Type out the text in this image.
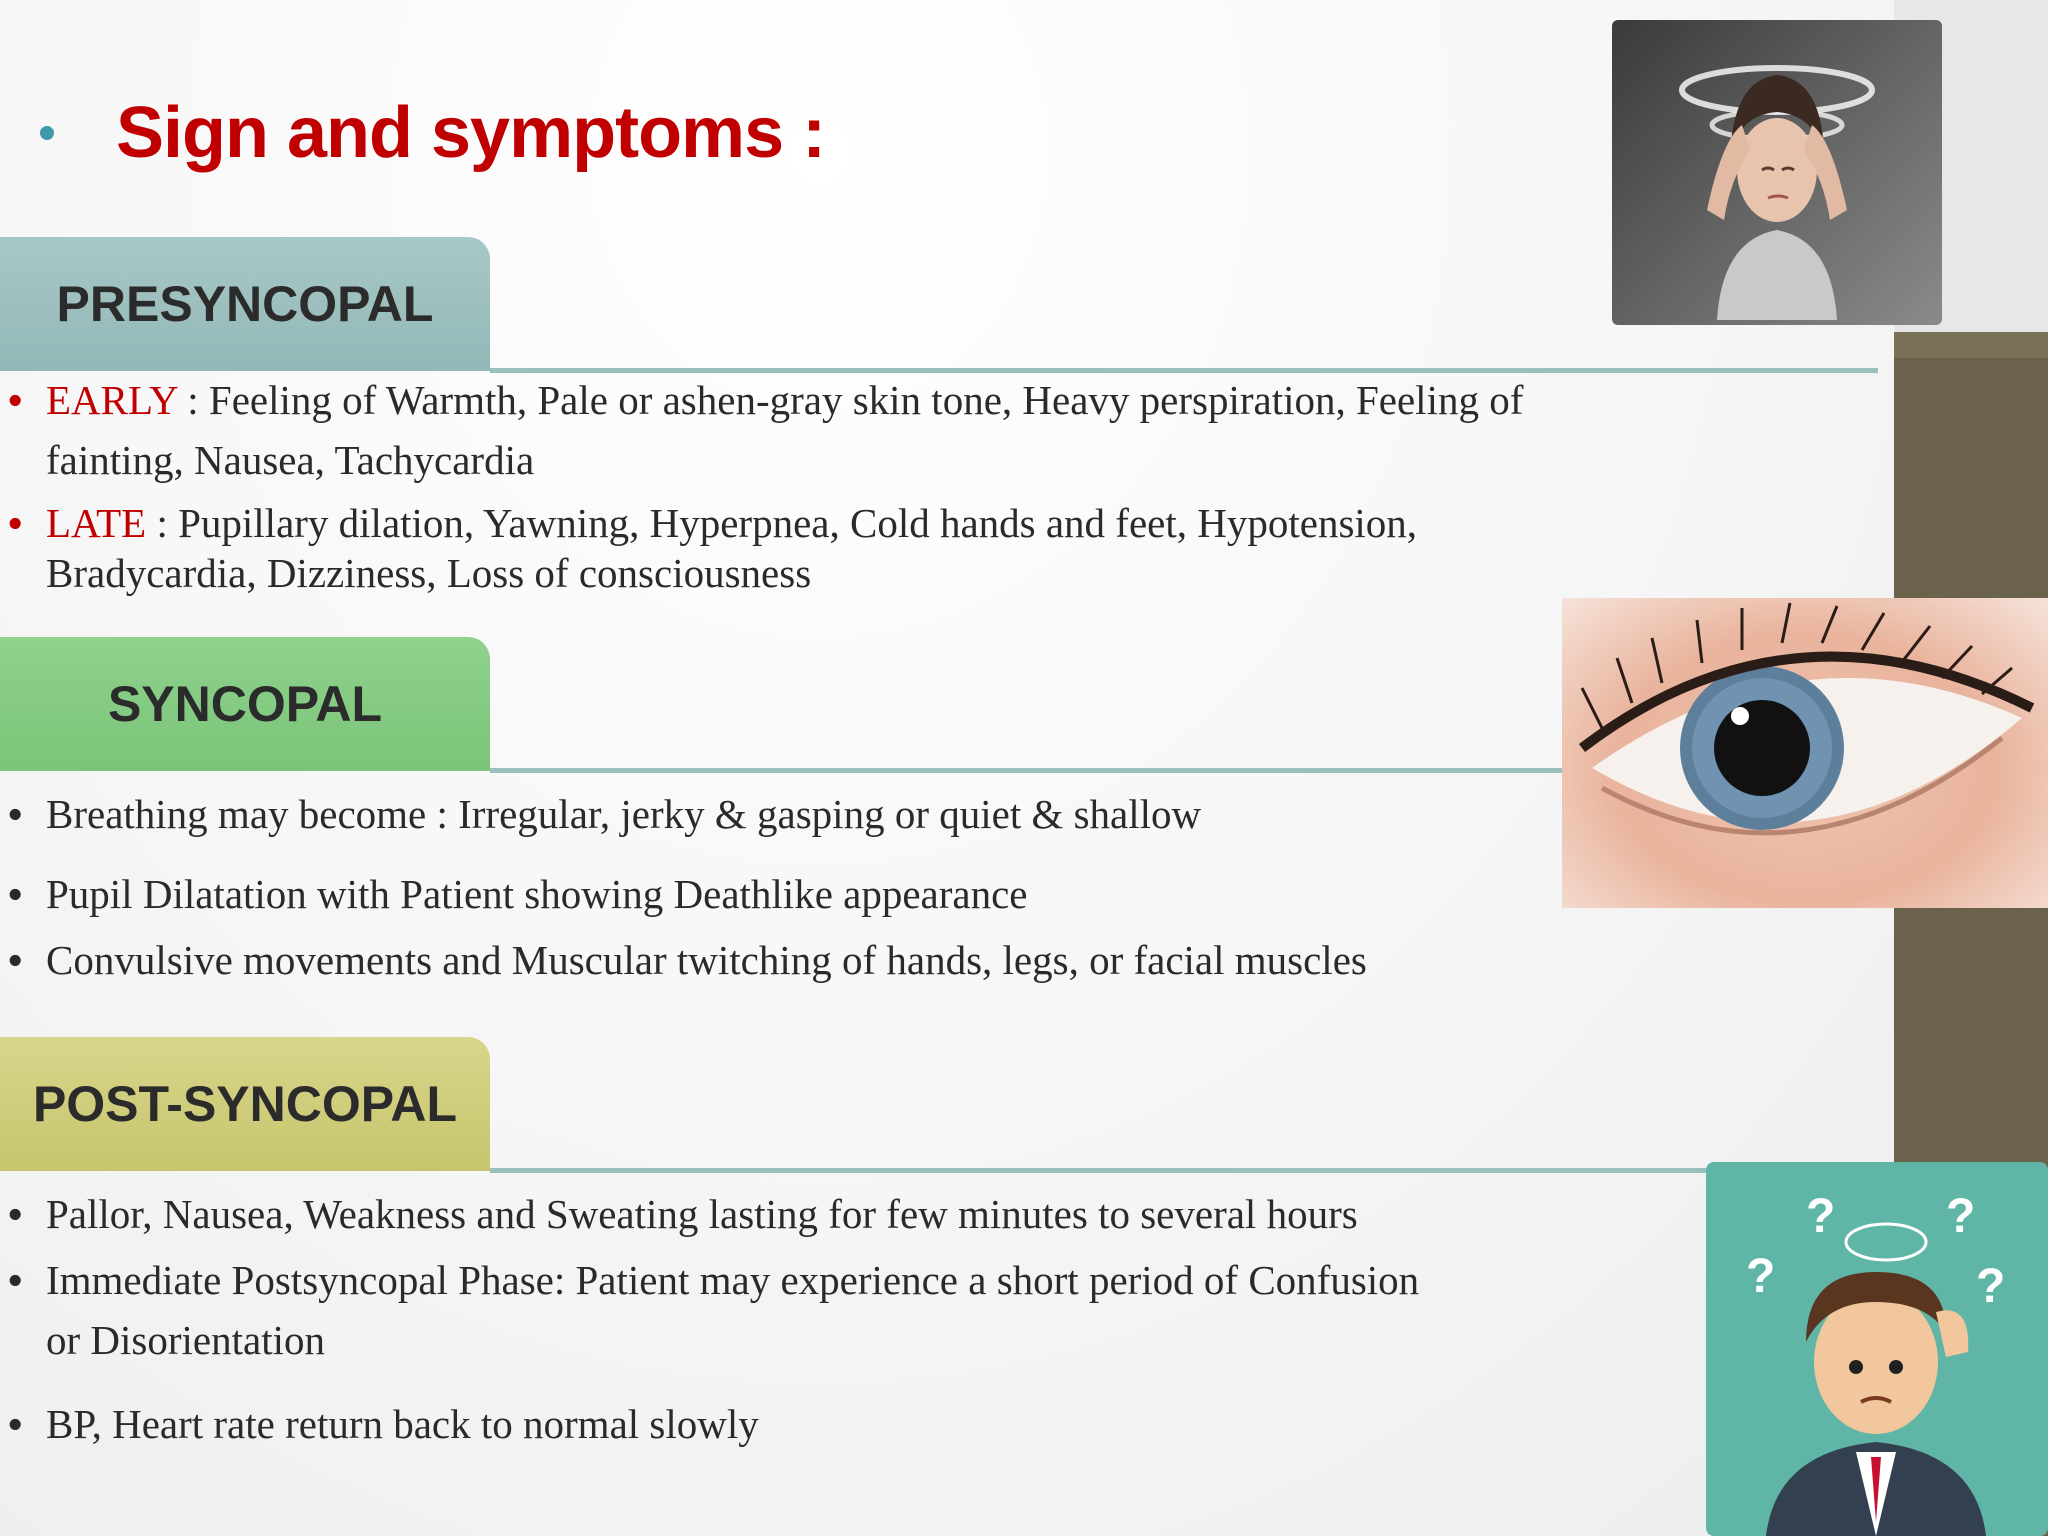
Sign and symptoms :
PRESYNCOPAL
• EARLY : Feeling of Warmth, Pale or ashen-gray skin tone, Heavy perspiration, Feeling of
fainting, Nausea, Tachycardia
• LATE : Pupillary dilation, Yawning, Hyperpnea, Cold hands and feet, Hypotension,
Bradycardia, Dizziness, Loss of consciousness
SYNCOPAL
• Breathing may become : Irregular, jerky & gasping or quiet & shallow
• Pupil Dilatation with Patient showing Deathlike appearance
• Convulsive movements and Muscular twitching of hands, legs, or facial muscles
POST-SYNCOPAL
• Pallor, Nausea, Weakness and Sweating lasting for few minutes to several hours
• Immediate Postsyncopal Phase: Patient may experience a short period of Confusion
or Disorientation
• BP, Heart rate return back to normal slowly
? ?
?	?
